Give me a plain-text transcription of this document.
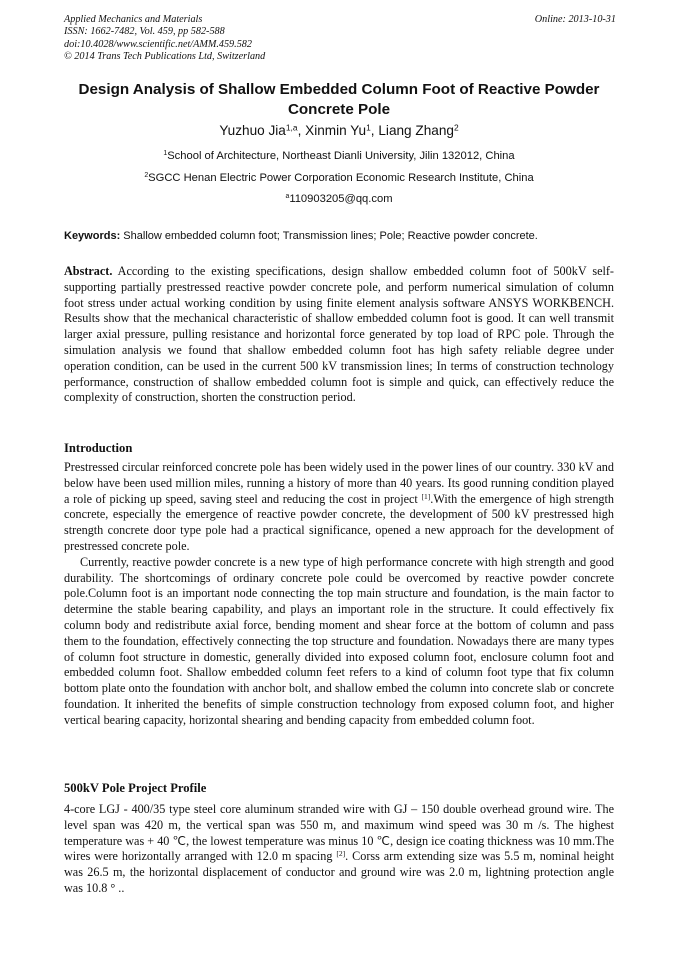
Applied Mechanics and Materials
ISSN: 1662-7482, Vol. 459, pp 582-588
doi:10.4028/www.scientific.net/AMM.459.582
© 2014 Trans Tech Publications Ltd, Switzerland
Online: 2013-10-31
Design Analysis of Shallow Embedded Column Foot of Reactive Powder Concrete Pole
Yuzhuo Jia$^{1,a}$, Xinmin Yu$^1$, Liang Zhang$^2$
$^1$School of Architecture, Northeast Dianli University, Jilin 132012, China
$^2$SGCC Henan Electric Power Corporation Economic Research Institute, China
$^a$110903205@qq.com
Keywords: Shallow embedded column foot; Transmission lines; Pole; Reactive powder concrete.
Abstract. According to the existing specifications, design shallow embedded column foot of 500kV self-supporting partially prestressed reactive powder concrete pole, and perform numerical simulation of column foot stress under actual working condition by using finite element analysis software ANSYS WORKBENCH. Results show that the mechanical characteristic of shallow embedded column foot is good. It can well transmit larger axial pressure, pulling resistance and horizontal force generated by top load of RPC pole. Through the simulation analysis we found that shallow embedded column foot has high safety reliable degree under operation condition, can be used in the current 500 kV transmission lines; In terms of construction technology performance, construction of shallow embedded column foot is simple and quick, can effectively reduce the complexity of construction, shorten the construction period.
Introduction

Prestressed circular reinforced concrete pole has been widely used in the power lines of our country. 330 kV and below have been used million miles, running a history of more than 40 years. Its good running condition played a role of picking up speed, saving steel and reducing the cost in project [1].With the emergence of high strength concrete, especially the emergence of reactive powder concrete, the development of 500 kV prestressed high strength concrete door type pole had a practical significance, opened a new approach for the development of prestressed concrete pole.

Currently, reactive powder concrete is a new type of high performance concrete with high strength and good durability. The shortcomings of ordinary concrete pole could be overcomed by reactive powder concrete pole.Column foot is an important node connecting the top main structure and foundation, is the main factor to determine the stable bearing capability, and plays an important role in the structure. It could effectively fix column body and redistribute axial force, bending moment and shear force at the bottom of column and pass them to the foundation, effectively connecting the top structure and foundation. Nowadays there are many types of column foot structure in domestic, generally divided into exposed column foot, enclosure column foot and embedded column foot. Shallow embedded column feet refers to a kind of column foot type that fix column bottom plate onto the foundation with anchor bolt, and shallow embed the column into concrete slab or concrete foundation. It inherited the benefits of simple construction technology from exposed column foot, and higher vertical bearing capacity, horizontal shearing and bending capacity from embedded column foot.

500kV Pole Project Profile

4-core LGJ - 400/35 type steel core aluminum stranded wire with GJ – 150 double overhead ground wire. The level span was 420 m, the vertical span was 550 m, and maximum wind speed was 30 m /s. The highest temperature was + 40 ℃, the lowest temperature was minus 10 ℃, design ice coating thickness was 10 mm.The wires were horizontally arranged with 12.0 m spacing [2]. Corss arm extending size was 5.5 m, nominal height was 26.5 m, the horizontal displacement of conductor and ground wire was 2.0 m, lightning protection angle was 10.8 ° ..
